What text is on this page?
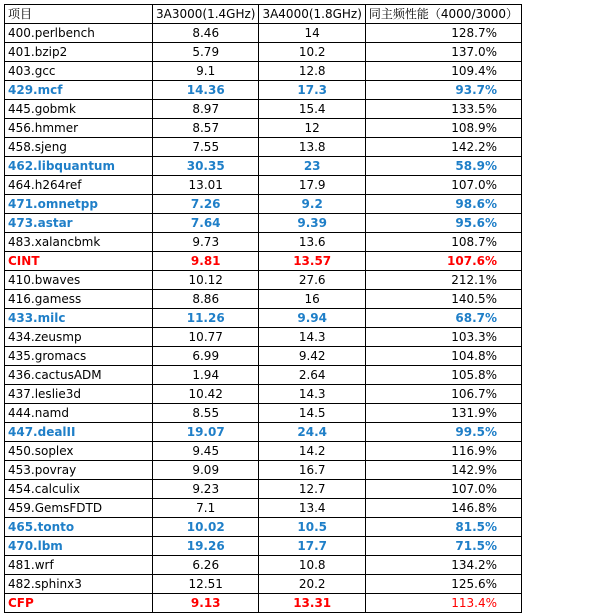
项目	3A3000(1.4GHz)	3A4000(1.8GHz)	同主频性能（4000/3000）
400.perlbench	8.46	14	128.7%
401.bzip2	5.79	10.2	137.0%
403.gcc	9.1	12.8	109.4%
429.mcf	14.36	17.3	93.7%
445.gobmk	8.97	15.4	133.5%
456.hmmer	8.57	12	108.9%
458.sjeng	7.55	13.8	142.2%
462.libquantum	30.35	23	58.9%
464.h264ref	13.01	17.9	107.0%
471.omnetpp	7.26	9.2	98.6%
473.astar	7.64	9.39	95.6%
483.xalancbmk	9.73	13.6	108.7%
CINT	9.81	13.57	107.6%
410.bwaves	10.12	27.6	212.1%
416.gamess	8.86	16	140.5%
433.milc	11.26	9.94	68.7%
434.zeusmp	10.77	14.3	103.3%
435.gromacs	6.99	9.42	104.8%
436.cactusADM	1.94	2.64	105.8%
437.leslie3d	10.42	14.3	106.7%
444.namd	8.55	14.5	131.9%
447.dealII	19.07	24.4	99.5%
450.soplex	9.45	14.2	116.9%
453.povray	9.09	16.7	142.9%
454.calculix	9.23	12.7	107.0%
459.GemsFDTD	7.1	13.4	146.8%
465.tonto	10.02	10.5	81.5%
470.lbm	19.26	17.7	71.5%
481.wrf	6.26	10.8	134.2%
482.sphinx3	12.51	20.2	125.6%
CFP	9.13	13.31	113.4%
